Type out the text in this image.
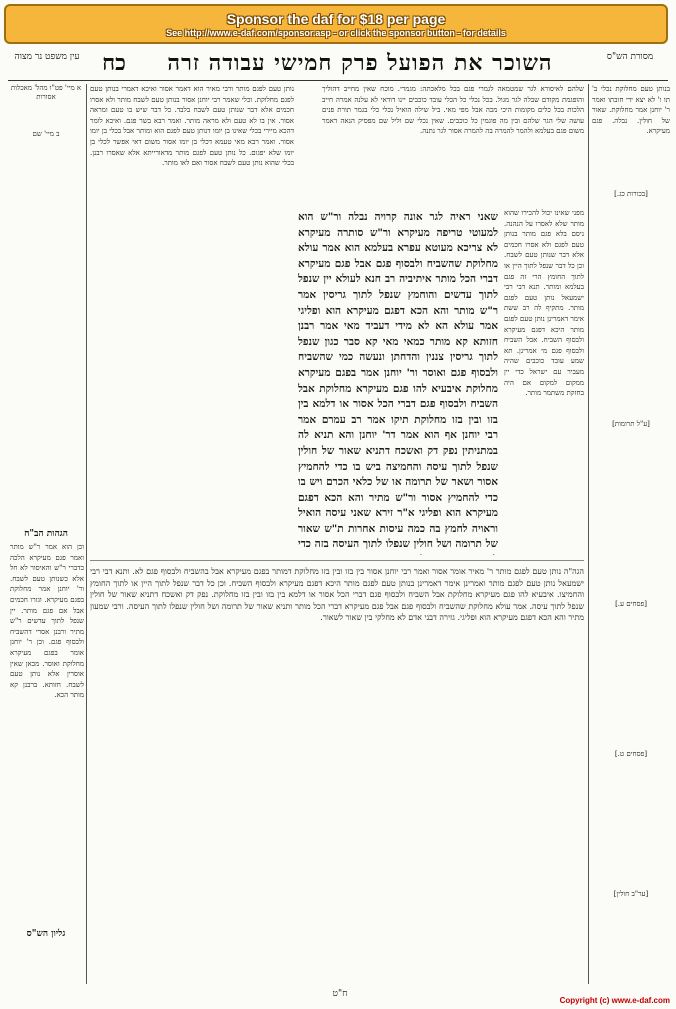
Sponsor the daf for $18 per page
See http://www.e-daf.com/sponsor.asp - or click the sponsor button - for details
עין משפט נר מצוה	כח	השוכר את הפועל פרק חמישי עבודה זרה	מסורת הש"ס

שלהם לאיסורא לגר שמטמאה לגמרי פגם בכל מלאכתה: מגמרי. מוכח שאין מחייב דהוליך והופגמת מקודם שבלה לגר מגול. בכל נכלי כל הכלי עובד כוכבים יינו דודאי לא עלנה אמרה חייב הלכות בכל כלים מקומות היכי מכה אבל מפי מאי. ביל שילה הואיל נכלי כלי בגמר תורת פנים עושה שלי הגר שלהם ובין מה פוגמין כל כוכבים. שאין נכלי שם וליל שם מפסיק הנאה דאמר משום פגם בעלמא ולהמר להמרה בה להמרה אסור לגר נתנה.

מפני שאינו יכול להכירו שהוא מותר שלא לאסרו על הנהנה. ניסם בלא פגם מותר בנותן טעם לפגם ולא אסרו חכמים אלא דבר שנותן טעם לשבח. וכן כל דבר שנפל לתוך היין או לתוך החומץ הרי זה פגם בעלמא ומותר. תנא דבי רבי ישמעאל נותן טעם לפגם מותר. מתקיף לה רב ששת אימר דאמרינן נותן טעם לפגם מותר היכא דפגם מעיקרא ולבסוף השביח. אבל השביח ולבסוף פגם מי אמרינן. תא שמע עובד כוכבים שהיה מעביר עם ישראל כדי יין ממקום למקום אם היה בחזקת משתמר מותר.

שאני ראיה לגר אונה קרויה נבלה ור"ש הוא למעוטי טריפה מעיקרא ור"ש סותרה מעיקרא לא צריכא מעוטא עפרא בעלמא הוא אמר עולא מחלוקת שהשביח ולבסוף פגם אבל פגם מעיקרא דברי הכל מותר איתיביה רב חנא לעולא יין שנפל לתוך עדשים והוחמץ שנפל לתוך גריסין אמר ר"ש מותר והא הכא דפגם מעיקרא הוא ופליגי אמר עולא הא לא מידי דעביד מאי אמר רבנן חזותא קא מותר כמאי מאי קא סבר כגון שנפל לתוך גריסין צננין והדחתן ונעשה כמי שהשביח ולבסוף פגם ואוסר ור' יוחנן אמר בפגם מעיקרא מחלוקת איבעיא להו פגם מעיקרא מחלוקת אבל השביח ולבסוף פגם דברי הכל אסור או דלמא בין בזו ובין בזו מחלוקת תיקו אמר רב עמרם אמר רבי יוחנן אף הוא אמר דר' יוחנן והא תניא לה במתניתין נפק דק ואשכח דתניא שאור של חולין שנפל לתוך עיסה והחמיצה ביש בו כדי להחמיץ אסור ושאר של תרומה או של כלאי הכרם ויש בו כדי להחמיץ אסור ור"ש מתיר והא הכא דפגם מעיקרא הוא ופליגי א"ר זירא שאני עיסה הואיל וראויה לחמץ בה כמה עיסות אחרות ת"ש שאור של תרומה ושל חולין שנפלו לתוך העיסה בזה כדי

נותן טעם לפגם מותר ורבי מאיר הוא דאמר אסור ואיכא דאמרי בנותן טעם לפגם מחלוקת. וכלי שאמר רבי יוחנן אסור בנותן טעם לשבח מותר ולא אסרו חכמים אלא דבר שנותן טעם לשבח בלבד. כל דבר שיש בו טעם ומראה אסור. אין בו לא טעם ולא מראה מותר. ואמר רבא בשר פגם. ואיכא לומר דהכא מיירי בכלי שאינו בן יומו דנותן טעם לפגם הוא ומותר אבל בכלי בן יומו אסור. ואמר רבא מאי טעמא דכלי בן יומו אסור משום דאי אפשר לכלי בן יומו שלא יפגום. כל נותן טעם לפגם מותר מדאורייתא אלא שאסרו רבנן. בכלי שהוא נותן טעם לשבח אסור ואם לאו מותר.

הגה"ה נותן טעם לפגם מותר ר' מאיר אומר אסור ואמר רבי יוחנן אסור בין בזו ובין בזו מחלוקת דמותר בפגם מעיקרא אבל בהשביח ולבסוף פגם לא. ותנא דבי רבי ישמעאל נותן טעם לפגם מותר ואמרינן אימר דאמרינן בנותן טעם לפגם מותר היכא דפגם מעיקרא ולבסוף השביח. וכן כל דבר שנפל לתוך היין או לתוך החומץ והחמיצו. איבעיא להו פגם מעיקרא מחלוקת אבל השביח ולבסוף פגם דברי הכל אסור או דלמא בין בזו ובין בזו מחלוקת. נפק דק ואשכח דתניא שאור של חולין שנפל לתוך עיסה. אמר עולא מחלוקת שהשביח ולבסוף פגם אבל פגם מעיקרא דברי הכל מותר ותניא שאור של תרומה ושל חולין שנפלו לתוך העיסה. ורבי שמעון מתיר והא הכא דפגם מעיקרא הוא ופליגי. גזירה דבני אדם לא מחלקי בין שאור לשאור.

א מיי' פט"ו מהל' מאכלות אסורות
ב מיי' שם
הגהות הב"ח

וכן הוא אמר ר"ש מותר ואמר פגם מעיקרא הלכה כדברי ר"ש והאיסור לא חל אלא כשנותן טעם לשבח. ור' יוחנן אמר מחלוקת בפגם מעיקרא. וגזרו חכמים אבל אם פגם מותר. יין שנפל לתוך עדשים ר"ש מתיר ורבנן אסרי דהשביח ולבסוף פגם. וכן ר' יוחנן אומר בפגם מעיקרא מחלוקת ואוסר. מכאן שאין אוסרין אלא נותן טעם לשבח. חזותא. ברבנן קא מותר הכא.

גליון הש"ס
[בכורות כג.]
[ע"ל תרומות]
[פסחים ע.]
[פסחים ט.]
[ער"ב חולין]

בנותן טעם מחלוקת נכלי ב' תו ו' לא יצא ידי חובתו ואמר ר' יוחנן אמר מחלוקת. שאור של חולין. נבלה. פגם מעיקרא.

ח"ט
Copyright (c) www.e-daf.com
